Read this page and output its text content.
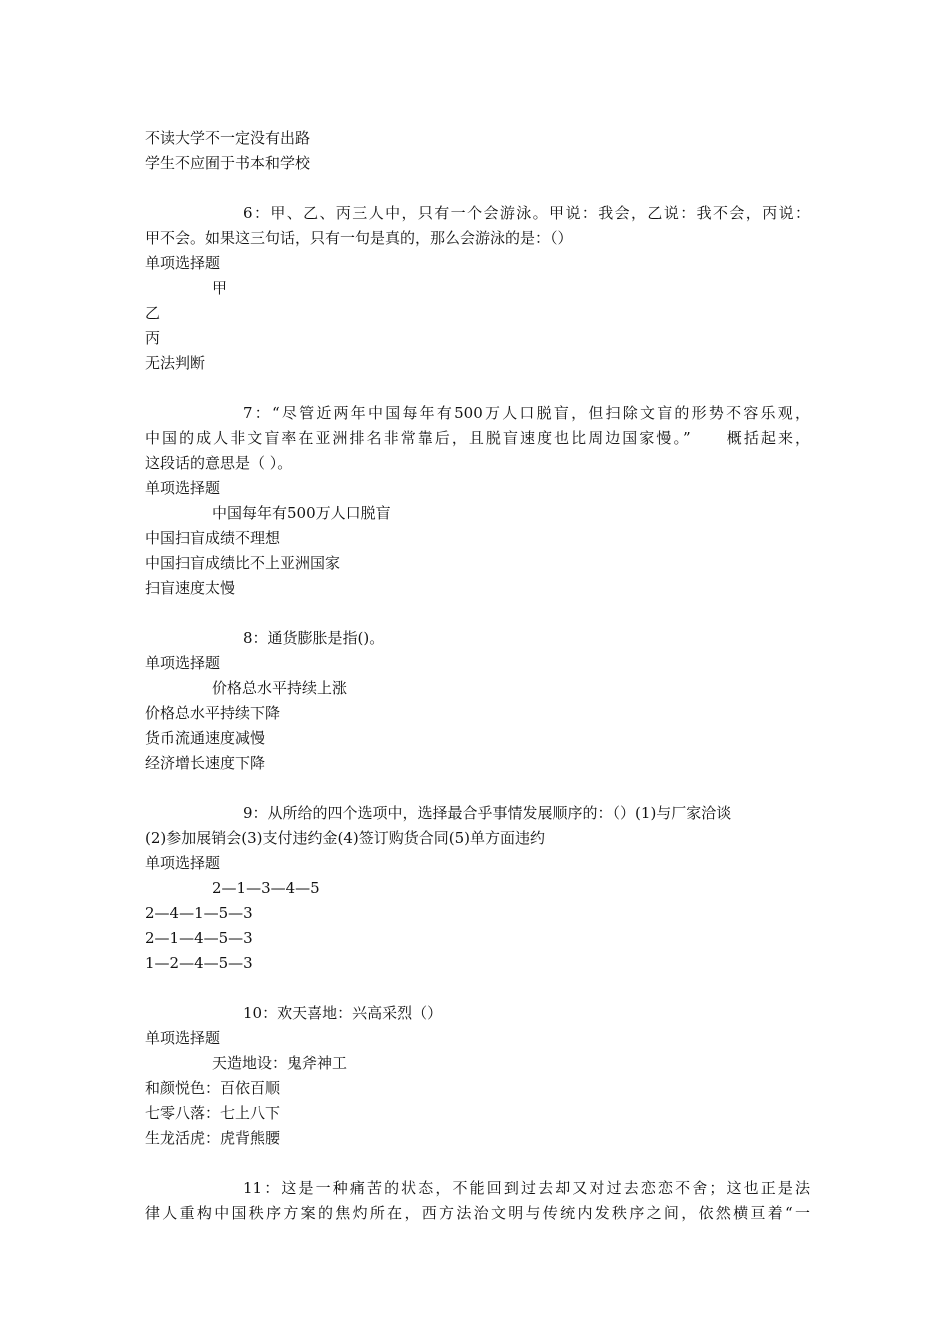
不读大学不一定没有出路
学生不应囿于书本和学校
6：甲、乙、丙三人中，只有一个会游泳。甲说：我会，乙说：我不会，丙说：
甲不会。如果这三句话，只有一句是真的，那么会游泳的是：（）
单项选择题
甲
乙
丙
无法判断
7：“尽管近两年中国每年有500万人口脱盲，但扫除文盲的形势不容乐观，
中国的成人非文盲率在亚洲排名非常靠后，且脱盲速度也比周边国家慢。”　　概括起来，
这段话的意思是（ ）。
单项选择题
中国每年有500万人口脱盲
中国扫盲成绩不理想
中国扫盲成绩比不上亚洲国家
扫盲速度太慢
8：通货膨胀是指()。
单项选择题
价格总水平持续上涨
价格总水平持续下降
货币流通速度减慢
经济增长速度下降
9：从所给的四个选项中，选择最合乎事情发展顺序的：（）(1)与厂家洽谈
(2)参加展销会(3)支付违约金(4)签订购货合同(5)单方面违约
单项选择题
2—1—3—4—5
2—4—1—5—3
2—1—4—5—3
1—2—4—5—3
10：欢天喜地：兴高采烈（）
单项选择题
天造地设：鬼斧神工
和颜悦色：百依百顺
七零八落：七上八下
生龙活虎：虎背熊腰
11：这是一种痛苦的状态，不能回到过去却又对过去恋恋不舍；这也正是法
律人重构中国秩序方案的焦灼所在，西方法治文明与传统内发秩序之间，依然横亘着“一
